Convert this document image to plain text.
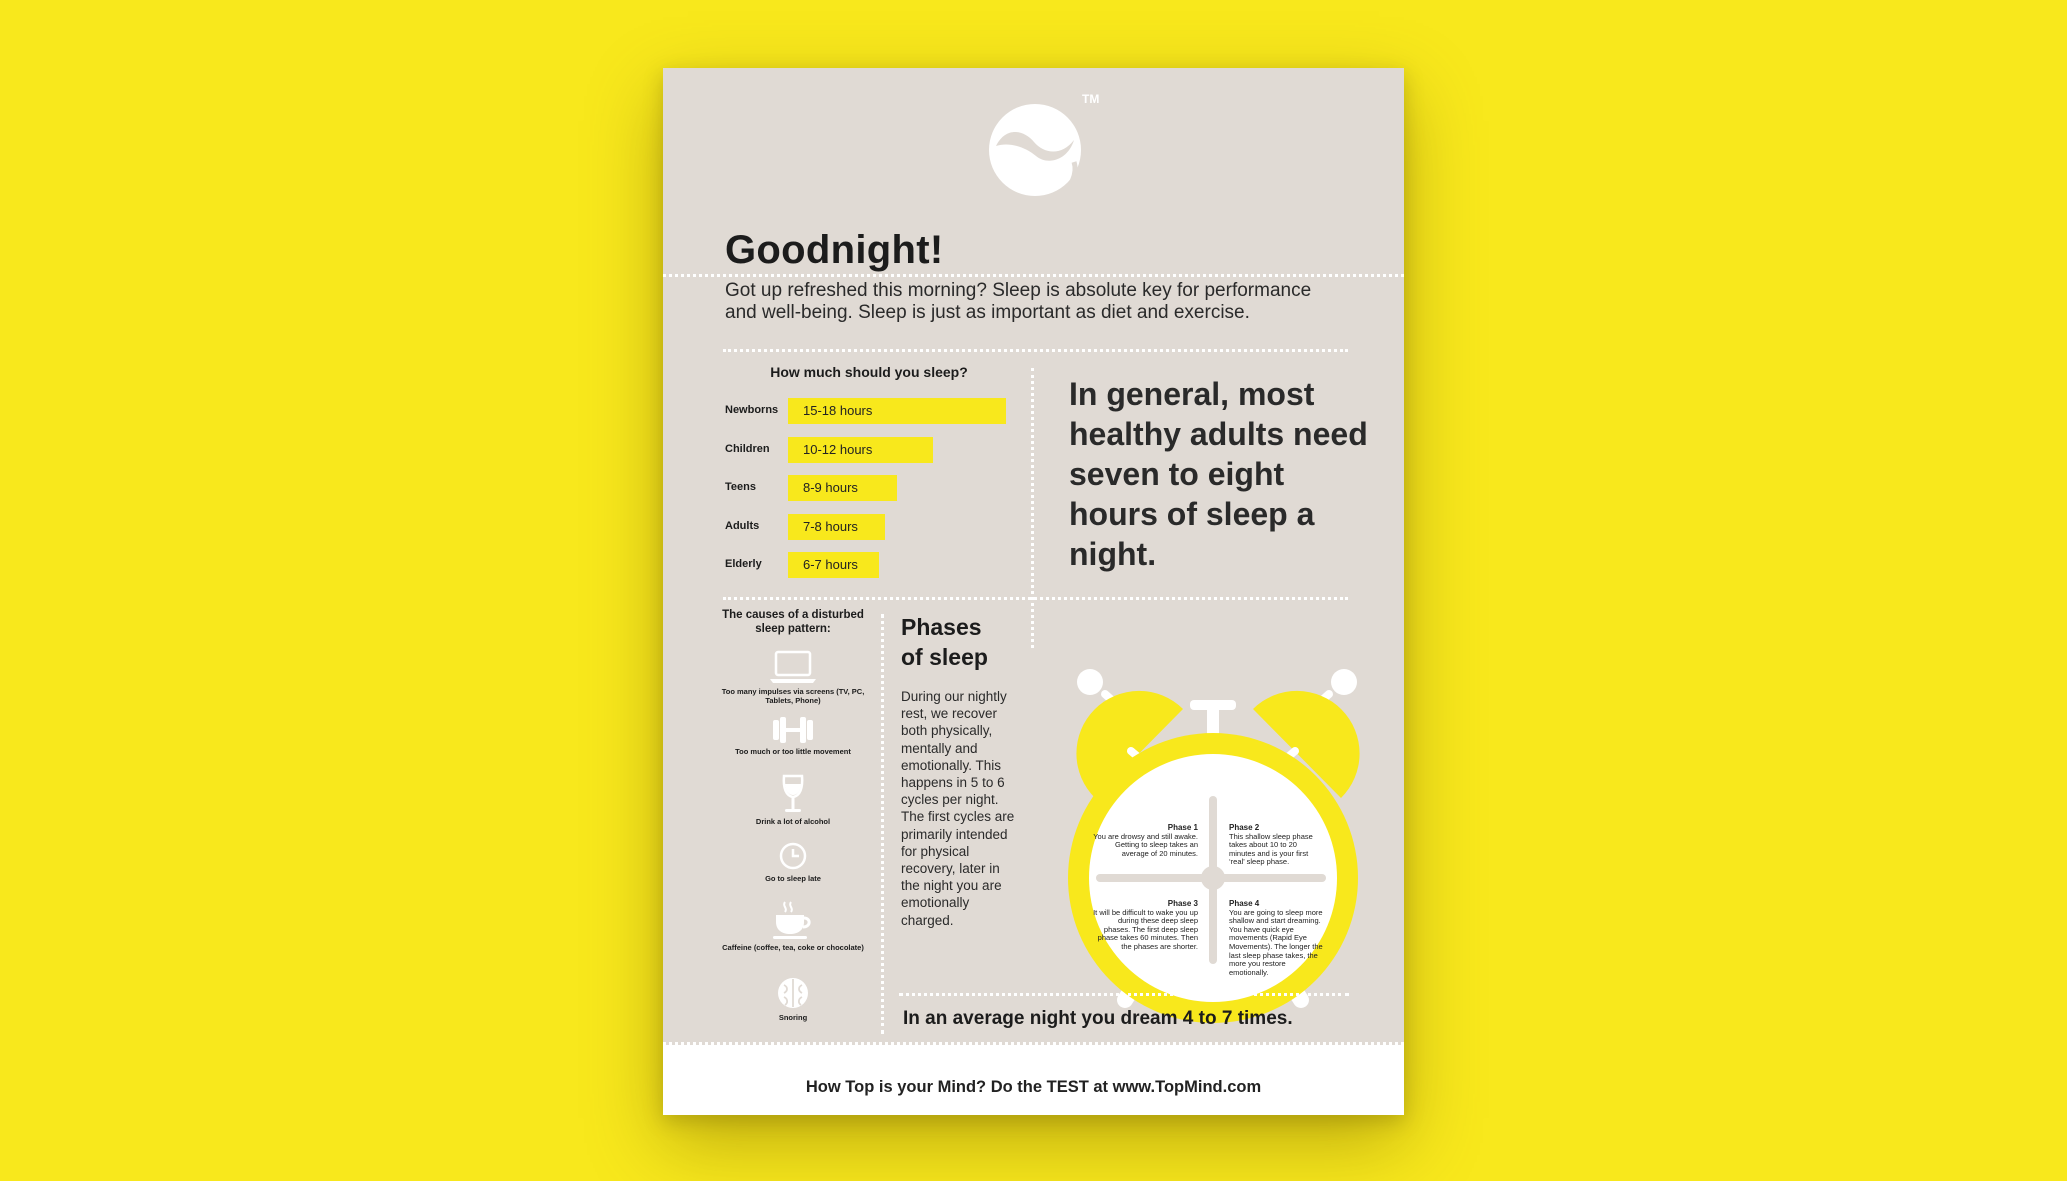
TM
Goodnight!
Got up refreshed this morning? Sleep is absolute key for performance and well-being. Sleep is just as important as diet and exercise.
How much should you sleep?
Newborns	15-18 hours
Children	10-12 hours
Teens	8-9 hours
Adults	7-8 hours
Elderly	6-7 hours
In general, most healthy adults need seven to eight hours of sleep a night.
The causes of a disturbed sleep pattern:
Too many impulses via screens (TV, PC, Tablets, Phone)
Too much or too little movement
Drink a lot of alcohol
Go to sleep late
Caffeine (coffee, tea, coke or chocolate)
Snoring
Phases
of sleep
During our nightly rest, we recover both physically, mentally and emotionally. This happens in 5 to 6 cycles per night. The first cycles are primarily intended for physical recovery, later in the night you are emotionally charged.
Phase 1
You are drowsy and still awake. Getting to sleep takes an average of 20 minutes.
Phase 2
This shallow sleep phase takes about 10 to 20 minutes and is your first ‘real’ sleep phase.
Phase 3
It will be difficult to wake you up during these deep sleep phases. The first deep sleep phase takes 60 minutes. Then the phases are shorter.
Phase 4
You are going to sleep more shallow and start dreaming. You have quick eye movements (Rapid Eye Movements). The longer the last sleep phase takes, the more you restore emotionally.
In an average night you dream 4 to 7 times.
How Top is your Mind? Do the TEST at www.TopMind.com
